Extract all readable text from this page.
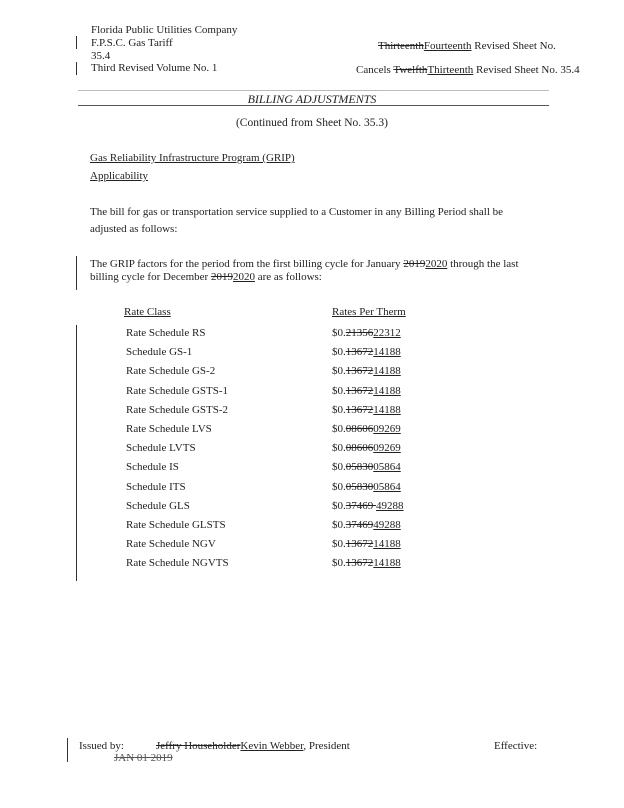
Florida Public Utilities Company
F.P.S.C. Gas Tariff
35.4
Third Revised Volume No. 1
ThirteenthFourteenth Revised Sheet No.
Cancels TwelfthThirteenth Revised Sheet No. 35.4
BILLING ADJUSTMENTS
(Continued from Sheet No. 35.3)
Gas Reliability Infrastructure Program (GRIP)
Applicability
The bill for gas or transportation service supplied to a Customer in any Billing Period shall be
adjusted as follows:
The GRIP factors for the period from the first billing cycle for January 20192020 through the last
billing cycle for December 20192020 are as follows:
Rate Class	Rates Per Therm
Rate Schedule RS	$0.2135622312
Schedule GS-1	$0.1367214188
Rate Schedule GS-2	$0.1367214188
Rate Schedule GSTS-1	$0.1367214188
Rate Schedule GSTS-2	$0.1367214188
Rate Schedule LVS	$0.0860609269
Schedule LVTS	$0.0860609269
Schedule IS	$0.0583005864
Schedule ITS	$0.0583005864
Schedule GLS	$0.37469 49288
Rate Schedule GLSTS	$0.3746949288
Rate Schedule NGV	$0.1367214188
Rate Schedule NGVTS	$0.1367214188
Issued by:	Jeffry HouseholderKevin Webber, President	Effective:
JAN 01 2019
